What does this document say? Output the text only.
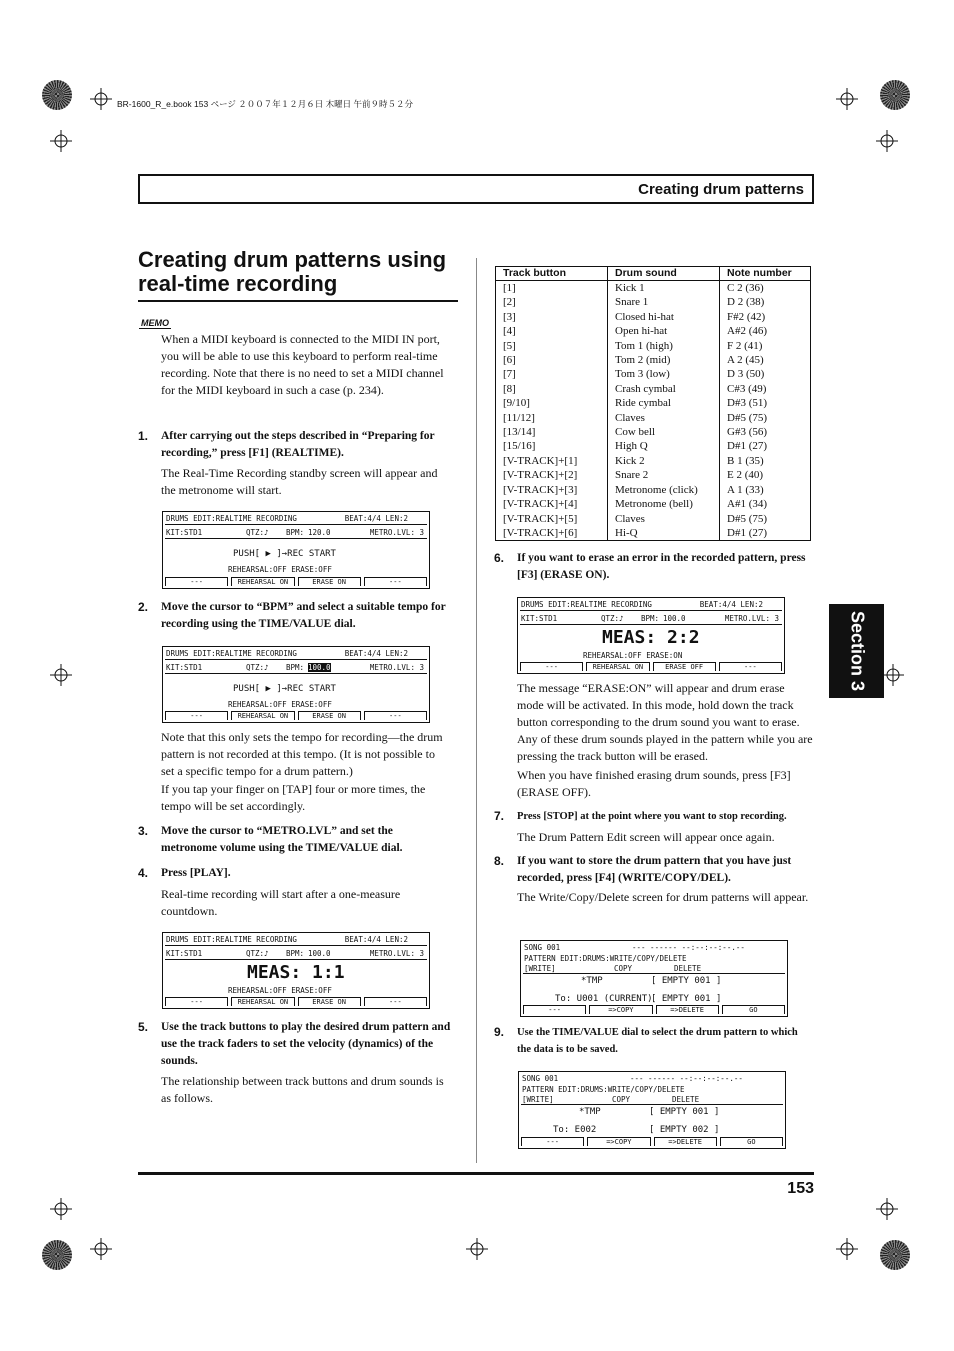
BR-1600_R_e.book 153 ページ ２００７年１２月６日 木曜日 午前９時５２分
Creating drum patterns
Section 3
Creating drum patterns using real-time recording
MEMO
When a MIDI keyboard is connected to the MIDI IN port, you will be able to use this keyboard to perform real-time recording. Note that there is no need to set a MIDI channel for the MIDI keyboard in such a case (p. 234).
1. After carrying out the steps described in “Preparing for recording,” press [F1] (REALTIME).
The Real-Time Recording standby screen will appear and the metronome will start.
DRUMS EDIT:REALTIME RECORDING	BEAT:4/4 LEN:2
KIT:STD1	QTZ:♪ BPM: 120.0	METRO.LVL: 3
PUSH[ ▶ ]→REC START
REHEARSAL:OFF ERASE:OFF
---	REHEARSAL ON	ERASE ON	---
2. Move the cursor to “BPM” and select a suitable tempo for recording using the TIME/VALUE dial.
DRUMS EDIT:REALTIME RECORDING	BEAT:4/4 LEN:2
KIT:STD1	QTZ:♪ BPM: 100.0	METRO.LVL: 3
PUSH[ ▶ ]→REC START
REHEARSAL:OFF ERASE:OFF
---	REHEARSAL ON	ERASE ON	---
Note that this only sets the tempo for recording—the drum pattern is not recorded at this tempo. (It is not possible to set a specific tempo for a drum pattern.)
If you tap your finger on [TAP] four or more times, the tempo will be set accordingly.
3. Move the cursor to “METRO.LVL” and set the metronome volume using the TIME/VALUE dial.
4. Press [PLAY].
Real-time recording will start after a one-measure countdown.
DRUMS EDIT:REALTIME RECORDING	BEAT:4/4 LEN:2
KIT:STD1	QTZ:♪ BPM: 100.0	METRO.LVL: 3
MEAS: 1:1
REHEARSAL:OFF ERASE:OFF
---	REHEARSAL ON	ERASE ON	---
5. Use the track buttons to play the desired drum pattern and use the track faders to set the velocity (dynamics) of the sounds.
The relationship between track buttons and drum sounds is as follows.
Track button	Drum sound	Note number
[1]	Kick 1	C 2 (36)
[2]	Snare 1	D 2 (38)
[3]	Closed hi-hat	F#2 (42)
[4]	Open hi-hat	A#2 (46)
[5]	Tom 1 (high)	F 2 (41)
[6]	Tom 2 (mid)	A 2 (45)
[7]	Tom 3 (low)	D 3 (50)
[8]	Crash cymbal	C#3 (49)
[9/10]	Ride cymbal	D#3 (51)
[11/12]	Claves	D#5 (75)
[13/14]	Cow bell	G#3 (56)
[15/16]	High Q	D#1 (27)
[V-TRACK]+[1]	Kick 2	B 1 (35)
[V-TRACK]+[2]	Snare 2	E 2 (40)
[V-TRACK]+[3]	Metronome (click)	A 1 (33)
[V-TRACK]+[4]	Metronome (bell)	A#1 (34)
[V-TRACK]+[5]	Claves	D#5 (75)
[V-TRACK]+[6]	Hi-Q	D#1 (27)
6. If you want to erase an error in the recorded pattern, press [F3] (ERASE ON).
DRUMS EDIT:REALTIME RECORDING	BEAT:4/4 LEN:2
KIT:STD1	QTZ:♪ BPM: 100.0	METRO.LVL: 3
MEAS: 2:2
REHEARSAL:OFF ERASE:ON
---	REHEARSAL ON	ERASE OFF	---
The message “ERASE:ON” will appear and drum erase mode will be activated. In this mode, hold down the track button corresponding to the drum sound you want to erase. Any of these drum sounds played in the pattern while you are pressing the track button will be erased.
When you have finished erasing drum sounds, press [F3] (ERASE OFF).
7. Press [STOP] at the point where you want to stop recording.
The Drum Pattern Edit screen will appear once again.
8. If you want to store the drum pattern that you have just recorded, press [F4] (WRITE/COPY/DEL).
The Write/Copy/Delete screen for drum patterns will appear.
SONG 001	--- ------ --:--:--:--.--
PATTERN EDIT:DRUMS:WRITE/COPY/DELETE
[WRITE]	COPY	DELETE
*TMP	[ EMPTY 001 ]
To: U001 (CURRENT)
[ EMPTY 001 ]
---	=>COPY	=>DELETE	GO
9. Use the TIME/VALUE dial to select the drum pattern to which the data is to be saved.
SONG 001	--- ------ --:--:--:--.--
PATTERN EDIT:DRUMS:WRITE/COPY/DELETE
[WRITE]	COPY	DELETE
*TMP	[ EMPTY 001 ]
To: E002	[ EMPTY 002 ]
---	=>COPY	=>DELETE	GO
153
